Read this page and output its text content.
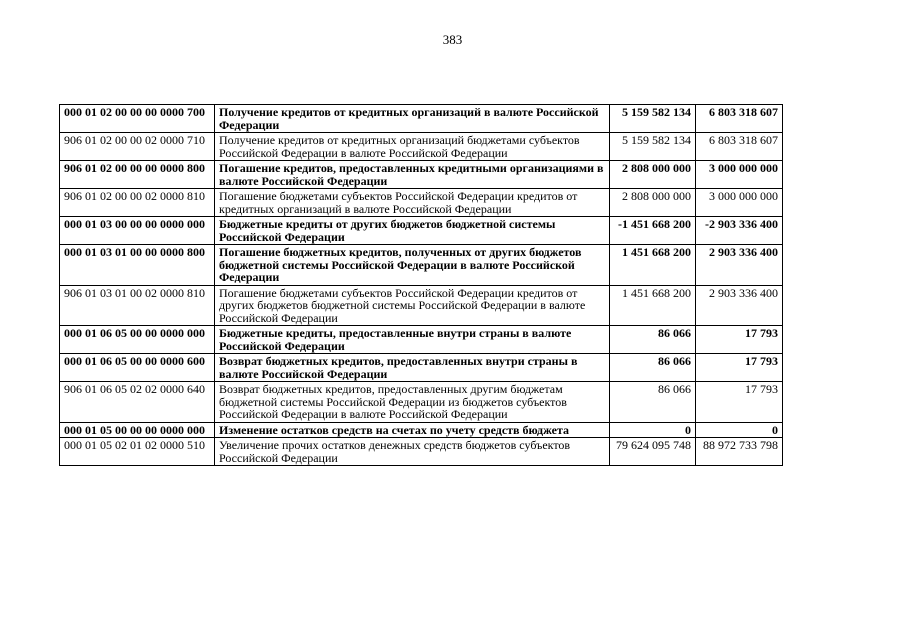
383
000 01 02 00 00 00 0000 700	Получение кредитов от кредитных организаций в валюте Российской Федерации	5 159 582 134	6 803 318 607
906 01 02 00 00 02 0000 710	Получение кредитов от кредитных организаций бюджетами субъектов Российской Федерации в валюте Российской Федерации	5 159 582 134	6 803 318 607
906 01 02 00 00 00 0000 800	Погашение кредитов, предоставленных кредитными организациями в валюте Российской Федерации	2 808 000 000	3 000 000 000
906 01 02 00 00 02 0000 810	Погашение бюджетами субъектов Российской Федерации кредитов от кредитных организаций в валюте Российской Федерации	2 808 000 000	3 000 000 000
000 01 03 00 00 00 0000 000	Бюджетные кредиты от других бюджетов бюджетной системы Российской Федерации	-1 451 668 200	-2 903 336 400
000 01 03 01 00 00 0000 800	Погашение бюджетных кредитов, полученных от других бюджетов бюджетной системы Российской Федерации в валюте Российской Федерации	1 451 668 200	2 903 336 400
906 01 03 01 00 02 0000 810	Погашение бюджетами субъектов Российской Федерации кредитов от других бюджетов бюджетной системы Российской Федерации в валюте Российской Федерации	1 451 668 200	2 903 336 400
000 01 06 05 00 00 0000 000	Бюджетные кредиты, предоставленные внутри страны в валюте Российской Федерации	86 066	17 793
000 01 06 05 00 00 0000 600	Возврат бюджетных кредитов, предоставленных внутри страны в валюте Российской Федерации	86 066	17 793
906 01 06 05 02 02 0000 640	Возврат бюджетных кредитов, предоставленных другим бюджетам бюджетной системы Российской Федерации из бюджетов субъектов Российской Федерации в валюте Российской Федерации	86 066	17 793
000 01 05 00 00 00 0000 000	Изменение остатков средств на счетах по учету средств бюджета	0	0
000 01 05 02 01 02 0000 510	Увеличение прочих остатков денежных средств бюджетов субъектов Российской Федерации	79 624 095 748	88 972 733 798
